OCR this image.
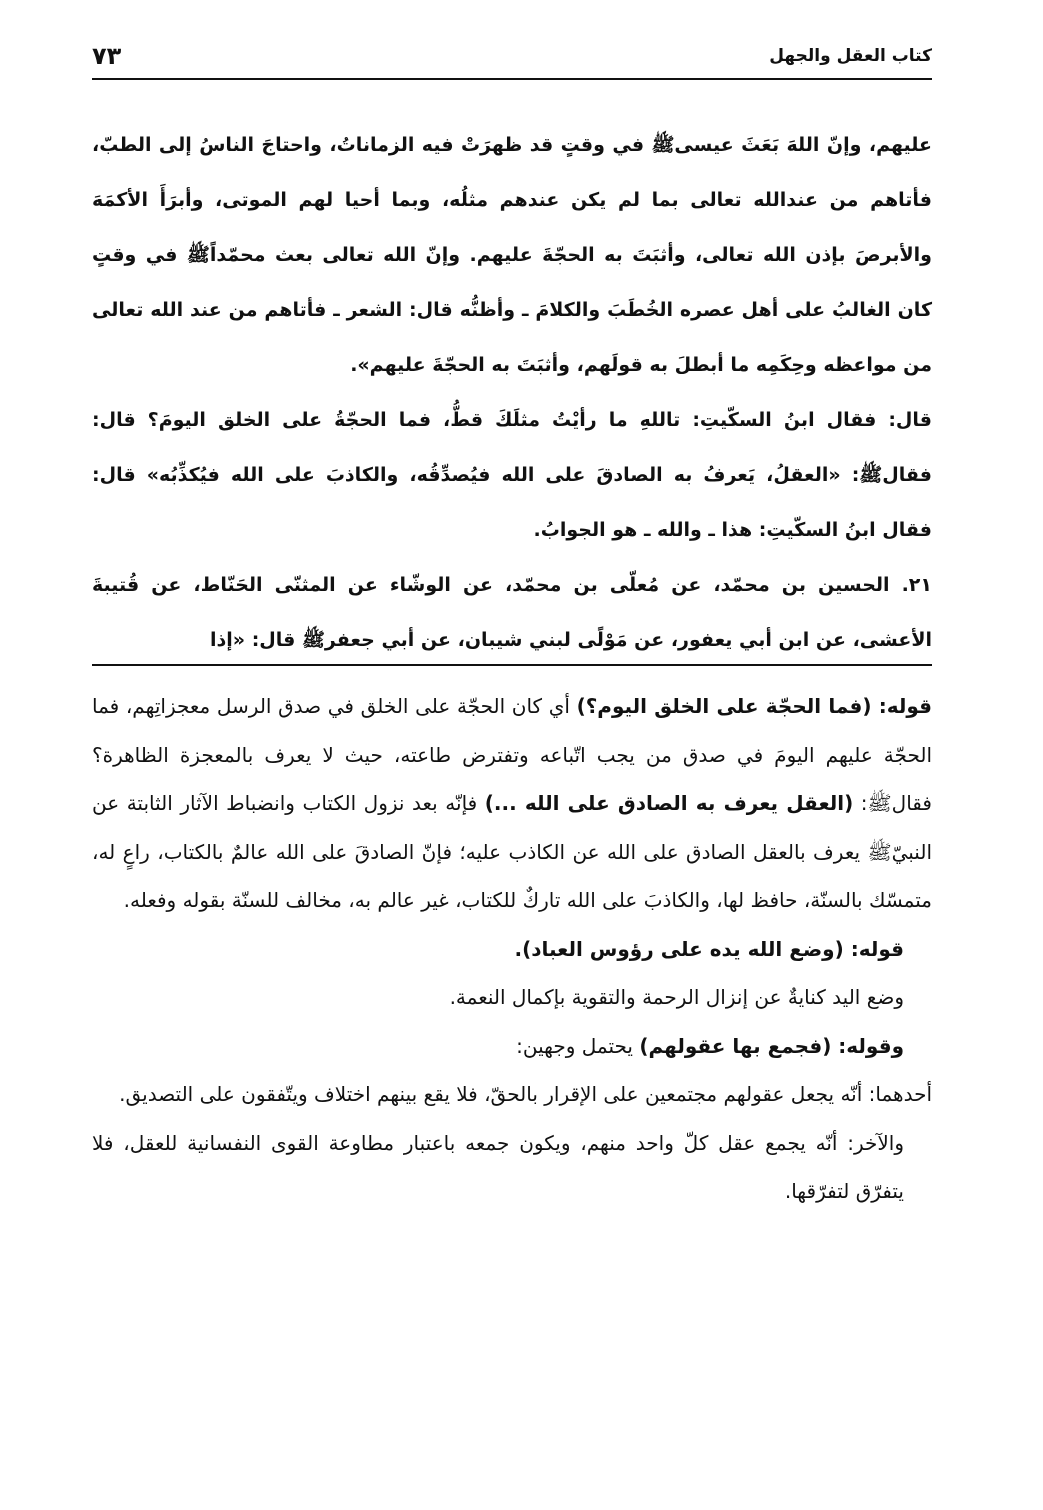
كتاب العقل والجهل
٧٣

عليهم، وإنّ اللهَ بَعَثَ عيسىﷺ في وقتٍ قد ظهرَتْ فيه الزماناتُ، واحتاجَ الناسُ إلى الطبّ، فأتاهم من عندالله تعالى بما لم يكن عندهم مثلُه، وبما أحيا لهم الموتى، وأبرَأَ الأكمَهَ والأبرصَ بإذن الله تعالى، وأثبَتَ به الحجّةَ عليهم. وإنّ الله تعالى بعث محمّداًﷺ في وقتٍ كان الغالبُ على أهل عصره الخُطَبَ والكلامَ ـ وأظنُّه قال: الشعر ـ فأتاهم من عند الله تعالى من مواعظه وحِكَمِه ما أبطلَ به قولَهم، وأثبَتَ به الحجّةَ عليهم».

قال: فقال ابنُ السكّيتِ: تاللهِ ما رأيْتُ مثلَكَ قطُّ، فما الحجّةُ على الخلق اليومَ؟ قال: فقالﷺ: «العقلُ، يَعرفُ به الصادقَ على الله فيُصدِّقُه، والكاذبَ على الله فيُكذِّبُه» قال: فقال ابنُ السكّيتِ: هذا ـ والله ـ هو الجوابُ.

٢١. الحسين بن محمّد، عن مُعلّى بن محمّد، عن الوشّاء عن المثنّى الحَنّاط، عن قُتيبةَ الأعشى، عن ابن أبي يعفور، عن مَوْلًى لبني شيبان، عن أبي جعفرﷺ قال: «إذا

قوله: (فما الحجّة على الخلق اليوم؟) أي كان الحجّة على الخلق في صدق الرسل معجزاتِهم، فما الحجّة عليهم اليومَ في صدق من يجب اتّباعه وتفترض طاعته، حيث لا يعرف بالمعجزة الظاهرة؟ فقالﷺ: (العقل يعرف به الصادق على الله ...) فإنّه بعد نزول الكتاب وانضباط الآثار الثابتة عن النبيّﷺ يعرف بالعقل الصادق على الله عن الكاذب عليه؛ فإنّ الصادقَ على الله عالمٌ بالكتاب، راعٍ له، متمسّك بالسنّة، حافظ لها، والكاذبَ على الله تاركٌ للكتاب، غير عالم به، مخالف للسنّة بقوله وفعله.

قوله: (وضع الله يده على رؤوس العباد).

وضع اليد كنايةٌ عن إنزال الرحمة والتقوية بإكمال النعمة.

وقوله: (فجمع بها عقولهم) يحتمل وجهين:

أحدهما: أنّه يجعل عقولهم مجتمعين على الإقرار بالحقّ، فلا يقع بينهم اختلاف ويتّفقون على التصديق.

والآخر: أنّه يجمع عقل كلّ واحد منهم، ويكون جمعه باعتبار مطاوعة القوى النفسانية للعقل، فلا يتفرّق لتفرّقها.
